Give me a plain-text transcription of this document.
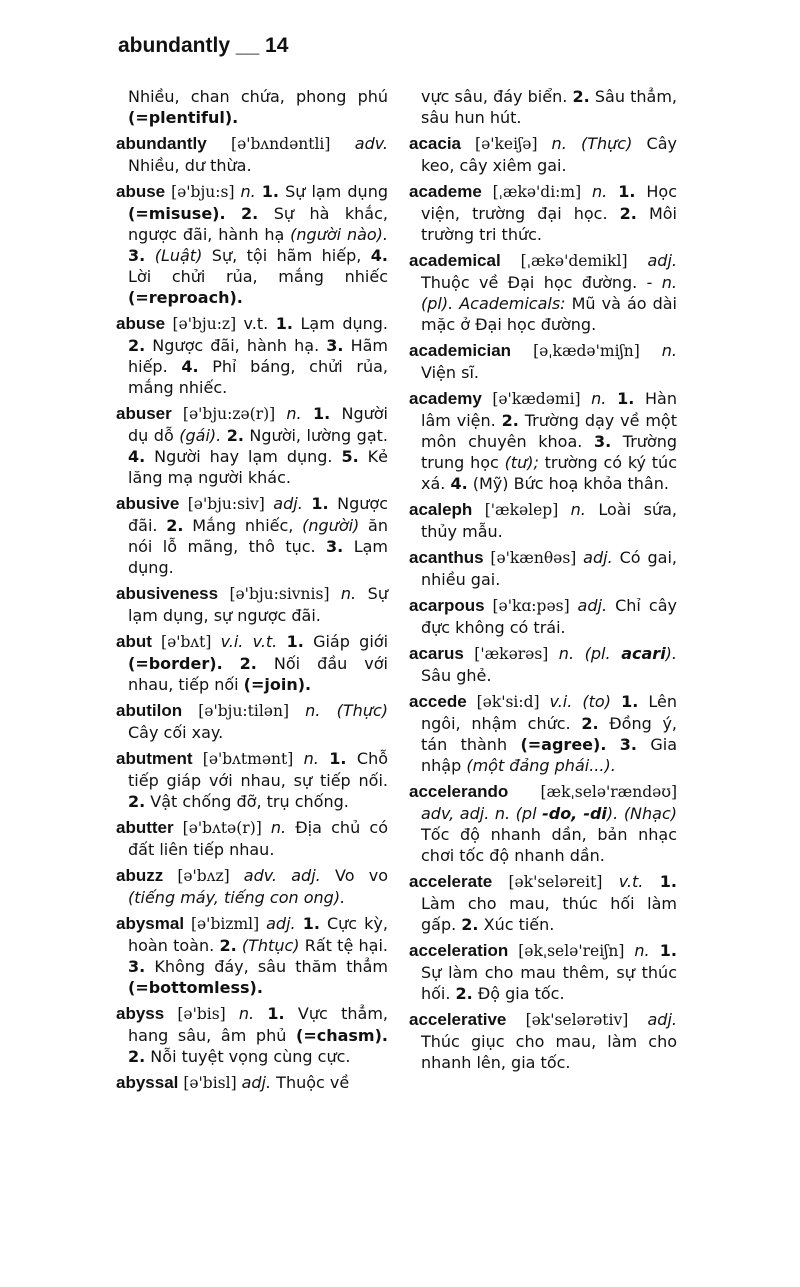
abundantly __ 14
Nhiều, chan chứa, phong phú (=plentiful).
abundantly [ə'bʌndəntli] adv. Nhiều, dư thừa.
abuse [ə'bju:s] n. 1. Sự lạm dụng (=misuse). 2. Sự hà khắc, ngược đãi, hành hạ (người nào). 3. (Luật) Sự, tội hãm hiếp, 4. Lời chửi rủa, mắng nhiếc (=reproach).
abuse [ə'bju:z] v.t. 1. Lạm dụng. 2. Ngược đãi, hành hạ. 3. Hãm hiếp. 4. Phỉ báng, chửi rủa, mắng nhiếc.
abuser [ə'bju:zə(r)] n. 1. Người dụ dỗ (gái). 2. Người, lường gạt. 4. Người hay lạm dụng. 5. Kẻ lăng mạ người khác.
abusive [ə'bju:siv] adj. 1. Ngược đãi. 2. Mắng nhiếc, (người) ăn nói lỗ mãng, thô tục. 3. Lạm dụng.
abusiveness [ə'bju:sivnis] n. Sự lạm dụng, sự ngược đãi.
abut [ə'bʌt] v.i. v.t. 1. Giáp giới (=border). 2. Nối đầu với nhau, tiếp nối (=join).
abutilon [ə'bju:tilən] n. (Thực) Cây cối xay.
abutment [ə'bʌtmənt] n. 1. Chỗ tiếp giáp với nhau, sự tiếp nối. 2. Vật chống đỡ, trụ chống.
abutter [ə'bʌtə(r)] n. Địa chủ có đất liên tiếp nhau.
abuzz [ə'bʌz] adv. adj. Vo vo (tiếng máy, tiếng con ong).
abysmal [ə'bizml] adj. 1. Cực kỳ, hoàn toàn. 2. (Thtục) Rất tệ hại. 3. Không đáy, sâu thăm thẳm (=bottomless).
abyss [ə'bis] n. 1. Vực thẳm, hang sâu, âm phủ (=chasm). 2. Nỗi tuyệt vọng cùng cực.
abyssal [ə'bisl] adj. Thuộc về
vực sâu, đáy biển. 2. Sâu thẳm, sâu hun hút.
acacia [ə'keiʃə] n. (Thực) Cây keo, cây xiêm gai.
academe [ˌækə'di:m] n. 1. Học viện, trường đại học. 2. Môi trường tri thức.
academical [ˌækə'demikl] adj. Thuộc về Đại học đường. - n. (pl). Academicals: Mũ và áo dài mặc ở Đại học đường.
academician [əˌkædə'miʃn] n. Viện sĩ.
academy [ə'kædəmi] n. 1. Hàn lâm viện. 2. Trường dạy về một môn chuyên khoa. 3. Trường trung học (tư); trường có ký túc xá. 4. (Mỹ) Bức hoạ khỏa thân.
acaleph ['ækəlep] n. Loài sứa, thủy mẫu.
acanthus [ə'kænθəs] adj. Có gai, nhiều gai.
acarpous [ə'kɑ:pəs] adj. Chỉ cây đực không có trái.
acarus ['ækərəs] n. (pl. acari). Sâu ghẻ.
accede [ək'si:d] v.i. (to) 1. Lên ngôi, nhậm chức. 2. Đồng ý, tán thành (=agree). 3. Gia nhập (một đảng phái...).
accelerando [ækˌselə'rændəʊ] adv, adj. n. (pl -do, -di). (Nhạc) Tốc độ nhanh dần, bản nhạc chơi tốc độ nhanh dần.
accelerate [ək'seləreit] v.t. 1. Làm cho mau, thúc hối làm gấp. 2. Xúc tiến.
acceleration [əkˌselə'reiʃn] n. 1. Sự làm cho mau thêm, sự thúc hối. 2. Độ gia tốc.
accelerative [ək'selərətiv] adj. Thúc giục cho mau, làm cho nhanh lên, gia tốc.
